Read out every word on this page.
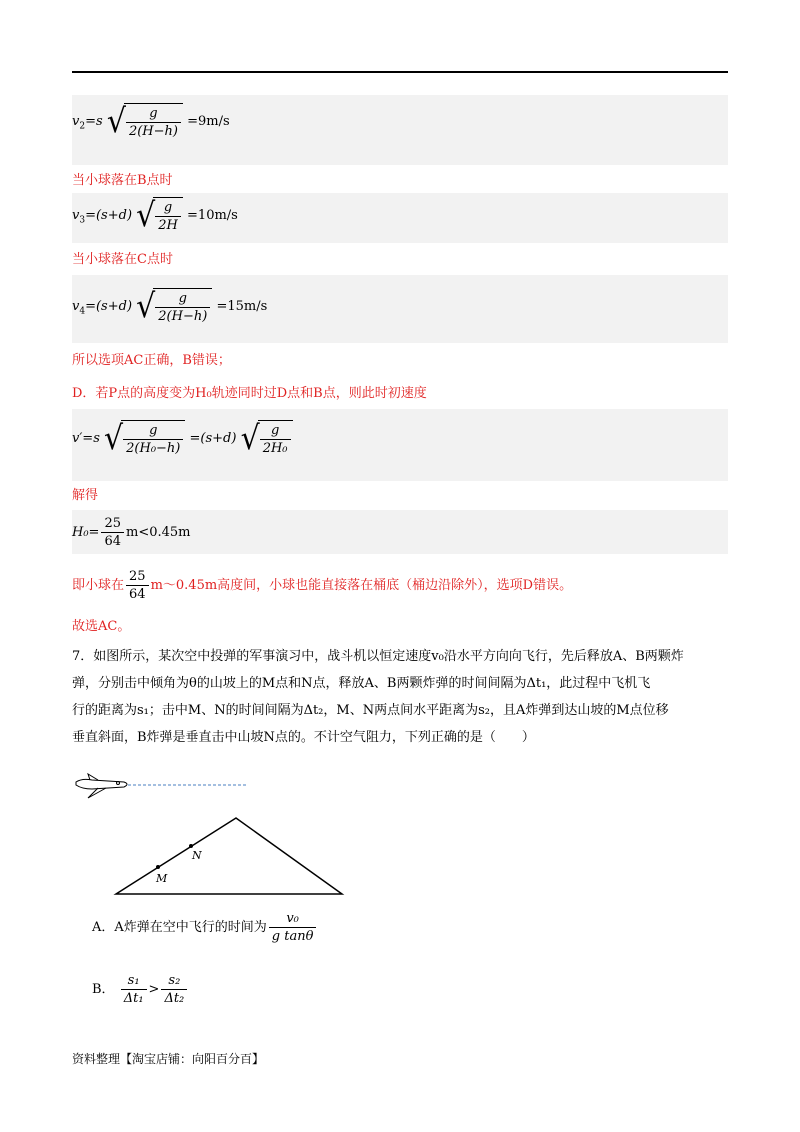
$v_2=s$ √ $\frac{g}{2(H-h)} =9m/s$
当小球落在B点时
$v_3=(s+d)$ √ $\frac{g}{2H} =10m/s$
当小球落在C点时
$v_4=(s+d)$ √ $\frac{g}{2(H-h)} =15m/s$
所以选项AC正确，B错误；
D．若P点的高度变为H₀轨迹同时过D点和B点，则此时初速度
v′=s √ $\frac{g}{\text{2(H₀−h)}} =(s+d)$ √ $\frac{g}{\text{2H₀}}$
解得
$H_0= \frac{25}{64} m<0.45m$
即小球在 $\frac{25}{64}$ m～0.45m高度间，小球也能直接落在桶底（桶边沿除外），选项D错误。
故选AC。
7．如图所示，某次空中投弹的军事演习中，战斗机以恒定速度v₀沿水平方向向飞行，先后释放A、B两颗炸
弹，分别击中倾角为θ的山坡上的M点和N点，释放A、B两颗炸弹的时间间隔为Δt₁，此过程中飞机飞
行的距离为s₁；击中M、N的时间间隔为Δt₂，M、N两点间水平距离为s₂，且A炸弹到达山坡的M点位移
垂直斜面，B炸弹是垂直击中山坡N点的。不计空气阻力，下列正确的是（　　）
M
N
A．A炸弹在空中飞行的时间为 $\frac{\text{v₀}}{\text{g tanθ}}$
B． $\frac{\text{s₁}}{\text{Δt₁}} > \frac{\text{s₂}}{\text{Δt₂}}$
资料整理【淘宝店铺：向阳百分百】
